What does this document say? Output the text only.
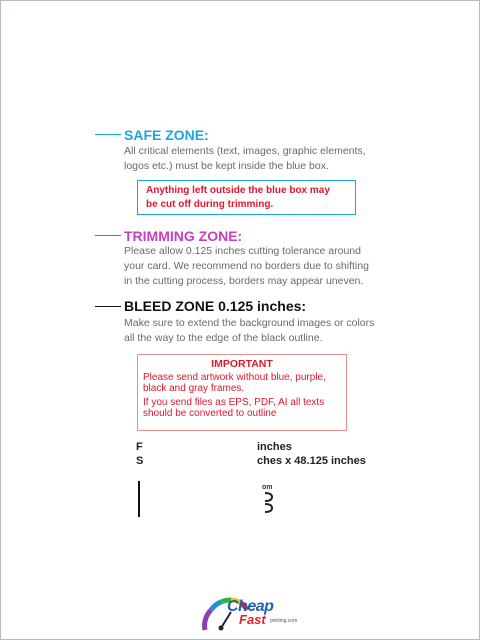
SAFE ZONE:
All critical elements (text, images, graphic elements,
logos etc.) must be kept inside the blue box.
Anything left outside the blue box may
be cut off during trimming.
TRIMMING ZONE:
Please allow 0.125 inches cutting tolerance around
your card. We recommend no borders due to shifting
in the cutting process, borders may appear uneven.
BLEED ZONE 0.125 inches:
Make sure to extend the background images or colors
all the way to the edge of the black outline.
IMPORTANT
Please send artwork without blue, purple,
black and gray frames.
If you send files as EPS, PDF, AI all texts
should be converted to outline
F	inches
S	ches x 48.125 inches
om
Cheap
Fast printing.com
